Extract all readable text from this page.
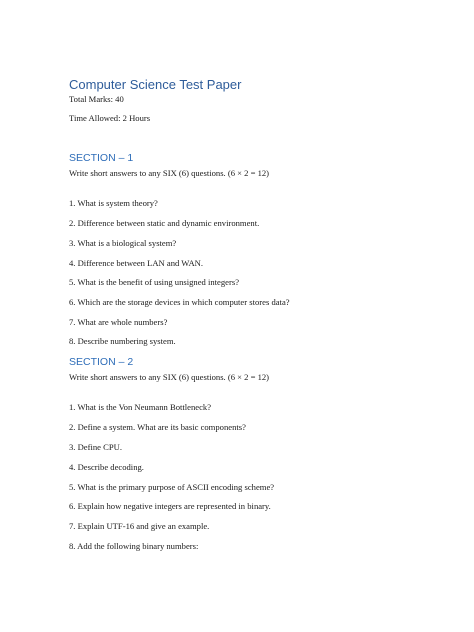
Computer Science Test Paper
Total Marks: 40
Time Allowed: 2 Hours
SECTION – 1
Write short answers to any SIX (6) questions. (6 × 2 = 12)
1. What is system theory?
2. Difference between static and dynamic environment.
3. What is a biological system?
4. Difference between LAN and WAN.
5. What is the benefit of using unsigned integers?
6. Which are the storage devices in which computer stores data?
7. What are whole numbers?
8. Describe numbering system.
SECTION – 2
Write short answers to any SIX (6) questions. (6 × 2 = 12)
1. What is the Von Neumann Bottleneck?
2. Define a system. What are its basic components?
3. Define CPU.
4. Describe decoding.
5. What is the primary purpose of ASCII encoding scheme?
6. Explain how negative integers are represented in binary.
7. Explain UTF-16 and give an example.
8. Add the following binary numbers:
